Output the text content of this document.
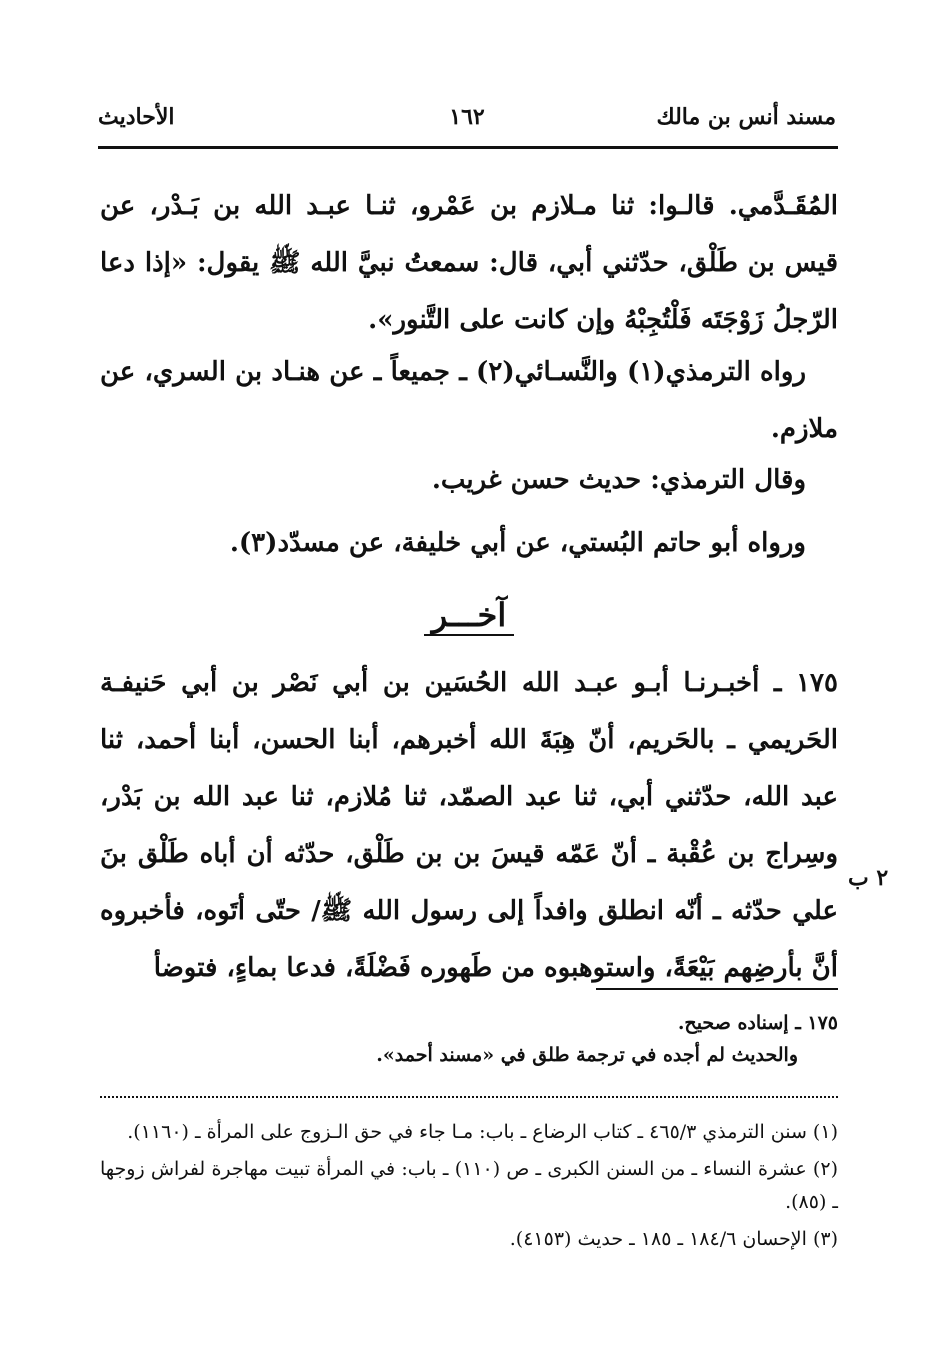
مسند أنس بن مالك
١٦٢
الأحاديث

المُقَـدَّمي. قالـوا: ثنا مـلازم بن عَمْرو، ثنـا عبـد الله بن بَـدْر، عن قيس بن طَلْق، حدّثني أبي، قال: سمعتُ نبيَّ الله ﷺ يقول: «إذا دعا الرّجلُ زَوْجَتَه فَلْتُجِبْهُ وإن كانت على التَّنور».

رواه الترمذي(١) والنَّسـائي(٢) ـ جميعاً ـ عن هنـاد بن السري، عن ملازم.

وقال الترمذي: حديث حسن غريب.

ورواه أبو حاتم البُستي، عن أبي خليفة، عن مسدّد(٣).

آخـــر

١٧٥ ـ أخبـرنـا أبـو عبـد الله الحُسَين بن أبي نَصْر بن أبي حَنيفـة الحَريمي ـ بالحَريم، أنّ هِبَةَ الله أخبرهم، أبنا الحسن، أبنا أحمد، ثنا عبد الله، حدّثني أبي، ثنا عبد الصمّد، ثنا مُلازم، ثنا عبد الله بن بَدْر، وسِراج بن عُقْبة ـ أنّ عَمّه قيسَ بن بن طَلْق، حدّثه أن أباه طَلْق بنَ علي حدّثه ـ أنّه انطلق وافداً إلى رسول الله ﷺ/ حتّى أتَوه، فأخبروه أنَّ بأرضِهم بَيْعَةً، واستوهبوه من طَهوره فَضْلَةً، فدعا بماءٍ، فتوضأ

٢ ب
١٧٥ ـ إسناده صحيح.
والحديث لم أجده في ترجمة طلق في «مسند أحمد».

(١) سنن الترمذي ٤٦٥/٣ ـ كتاب الرضاع ـ باب: مـا جاء في حق الـزوج على المرأة ـ (١١٦٠).

(٢) عشرة النساء ـ من السنن الكبرى ـ ص (١١٠) ـ باب: في المرأة تبيت مهاجرة لفراش زوجها ـ (٨٥).

(٣) الإحسان ١٨٤/٦ ـ ١٨٥ ـ حديث (٤١٥٣).
